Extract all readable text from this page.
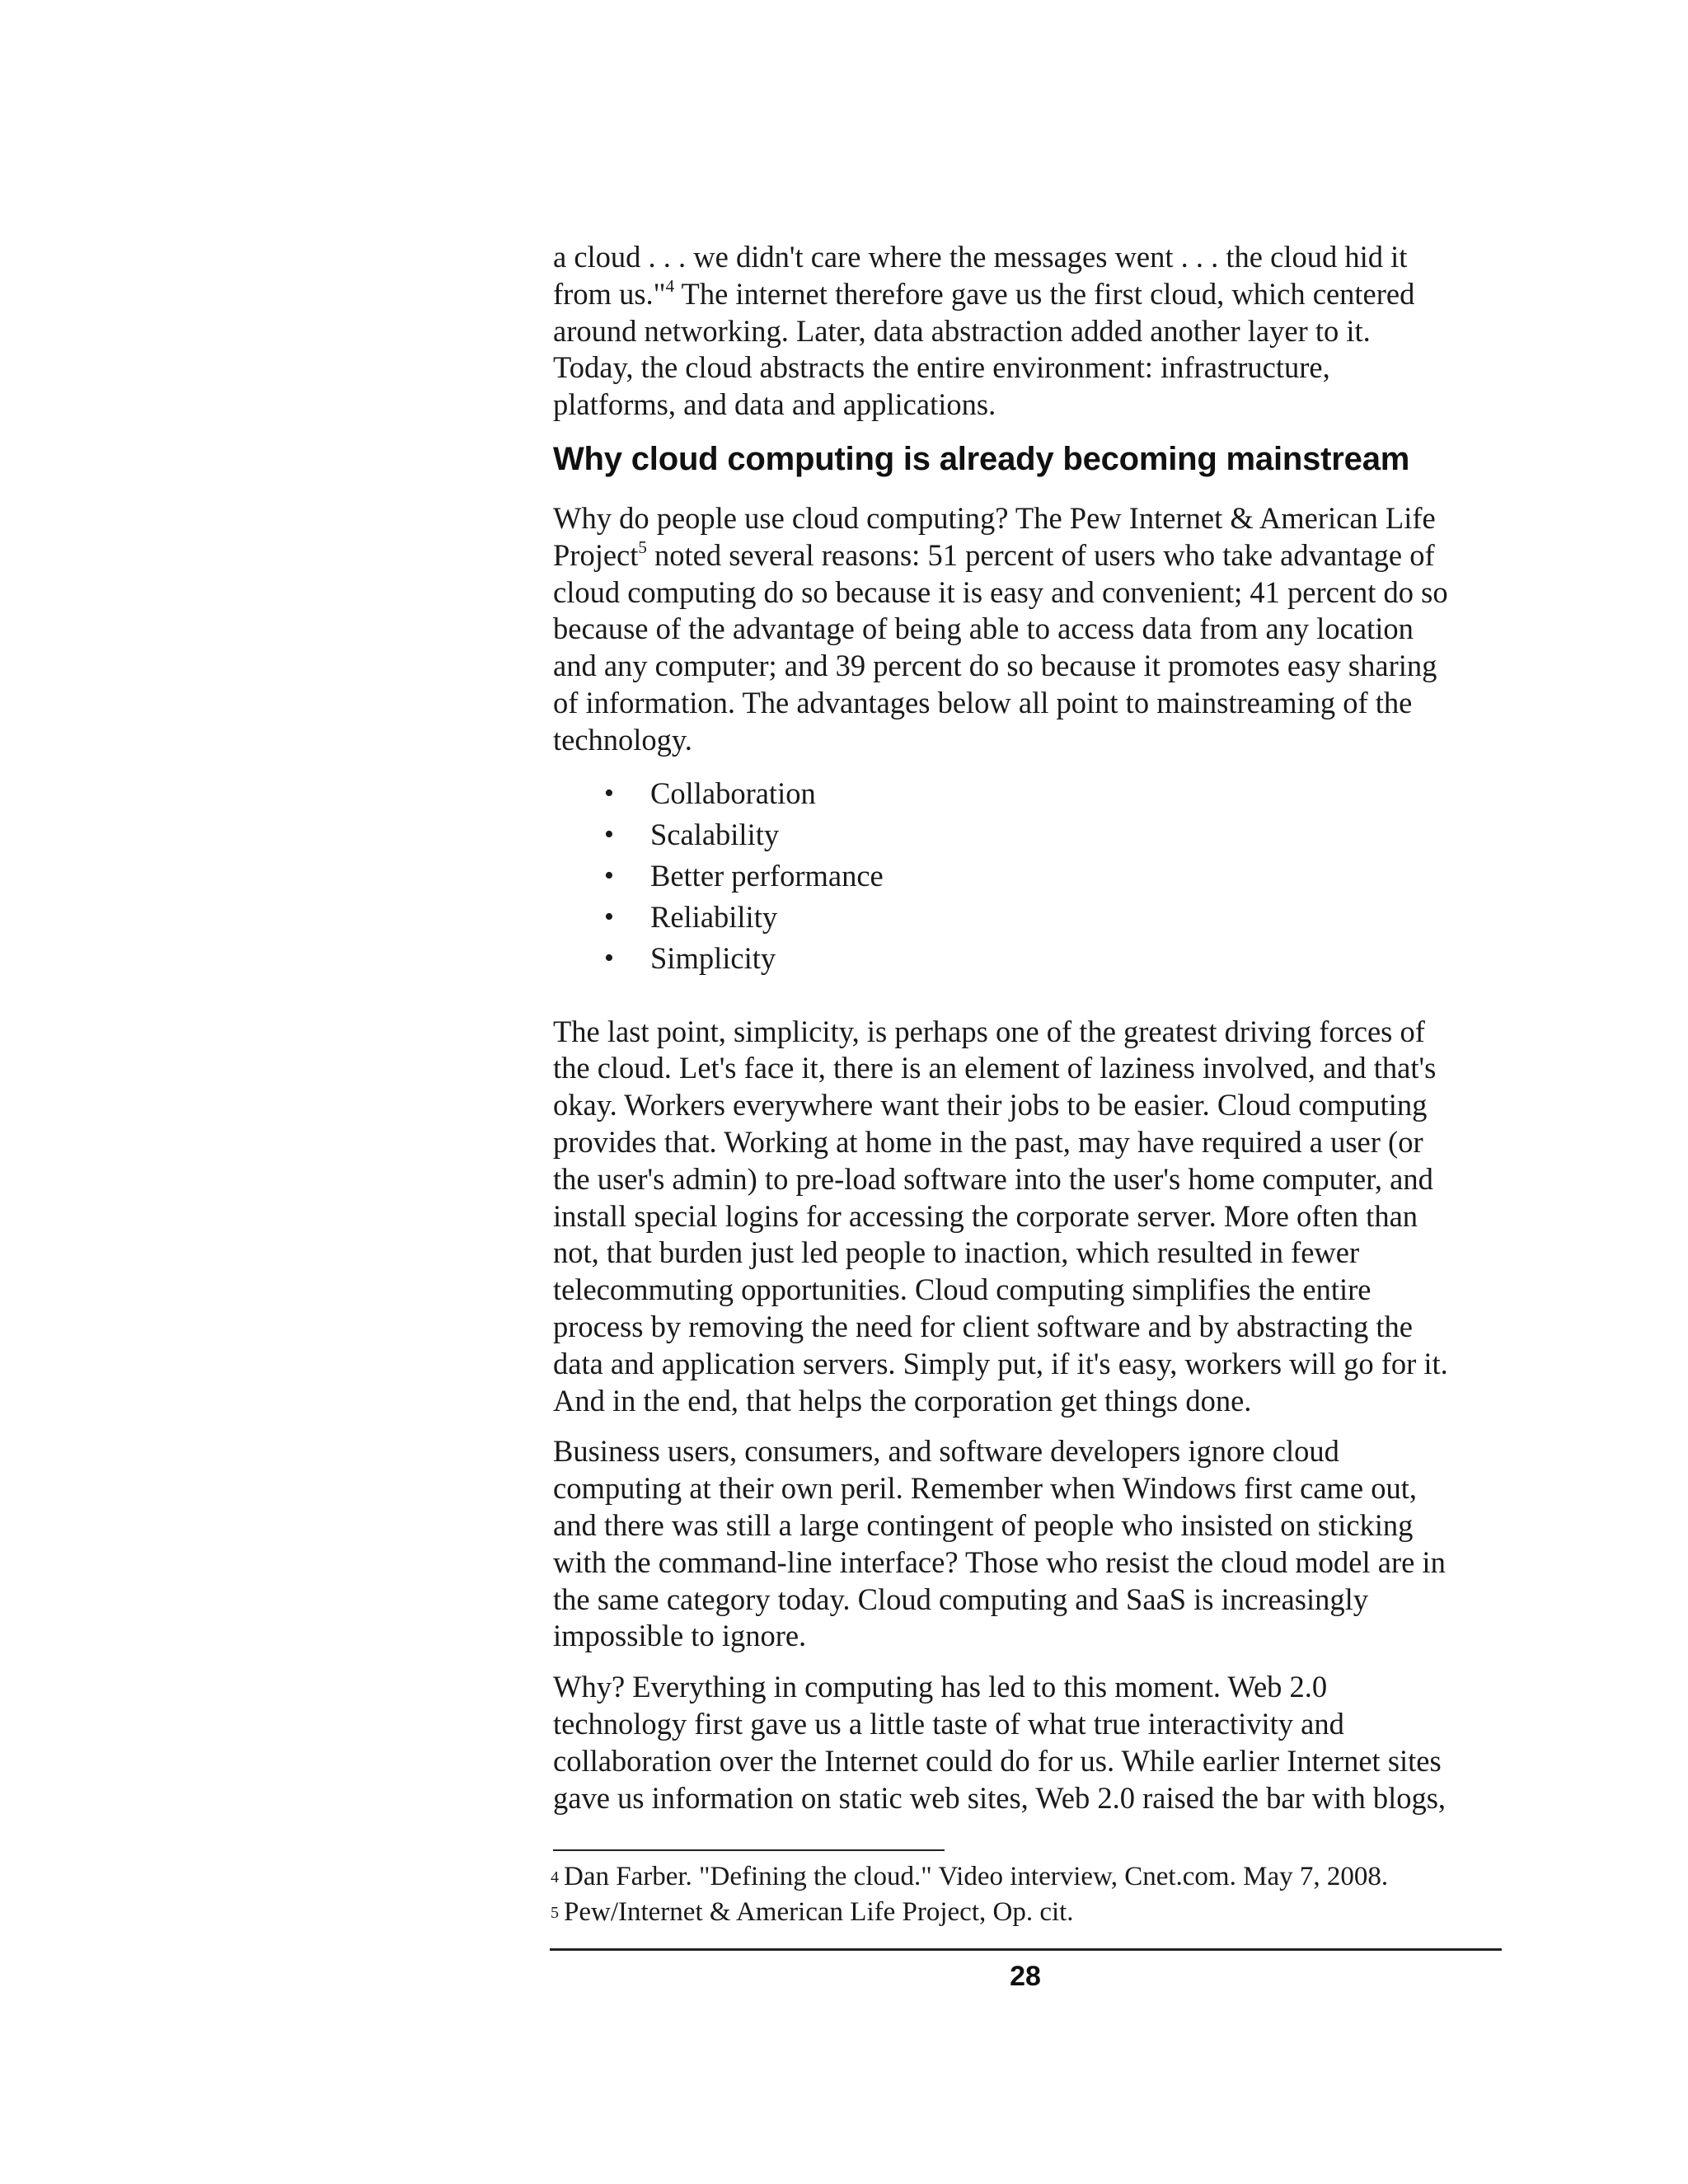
a cloud . . . we didn't care where the messages went . . . the cloud hid it
from us."$^4$ The internet therefore gave us the first cloud, which centered
around networking. Later, data abstraction added another layer to it.
Today, the cloud abstracts the entire environment: infrastructure,
platforms, and data and applications.

Why cloud computing is already becoming mainstream

Why do people use cloud computing? The Pew Internet & American Life
Project$^5$ noted several reasons: 51 percent of users who take advantage of
cloud computing do so because it is easy and convenient; 41 percent do so
because of the advantage of being able to access data from any location
and any computer; and 39 percent do so because it promotes easy sharing
of information. The advantages below all point to mainstreaming of the
technology.

• Collaboration
• Scalability
• Better performance
• Reliability
• Simplicity

The last point, simplicity, is perhaps one of the greatest driving forces of
the cloud. Let's face it, there is an element of laziness involved, and that's
okay. Workers everywhere want their jobs to be easier. Cloud computing
provides that. Working at home in the past, may have required a user (or
the user's admin) to pre-load software into the user's home computer, and
install special logins for accessing the corporate server. More often than
not, that burden just led people to inaction, which resulted in fewer
telecommuting opportunities. Cloud computing simplifies the entire
process by removing the need for client software and by abstracting the
data and application servers. Simply put, if it's easy, workers will go for it.
And in the end, that helps the corporation get things done.

Business users, consumers, and software developers ignore cloud
computing at their own peril. Remember when Windows first came out,
and there was still a large contingent of people who insisted on sticking
with the command-line interface? Those who resist the cloud model are in
the same category today. Cloud computing and SaaS is increasingly
impossible to ignore.

Why? Everything in computing has led to this moment. Web 2.0
technology first gave us a little taste of what true interactivity and
collaboration over the Internet could do for us. While earlier Internet sites
gave us information on static web sites, Web 2.0 raised the bar with blogs,

4 Dan Farber. "Defining the cloud." Video interview, Cnet.com. May 7, 2008.
5 Pew/Internet & American Life Project, Op. cit.
28
